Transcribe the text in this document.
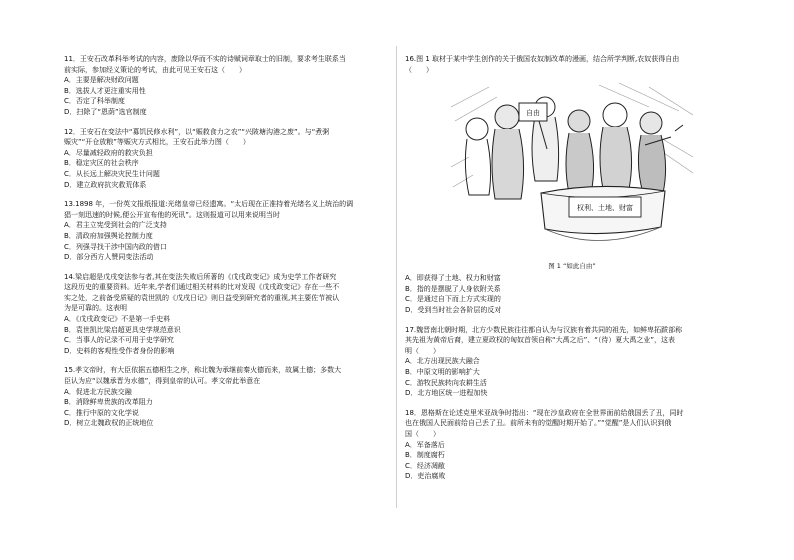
11．王安石改革科举考试的内容，废除以华而不实的诗赋词章取士的旧制，要求考生联系当
前实际，参加经义策论的考试，由此可见王安石这（　　）

A．主要是解决财政问题

B．选拔人才更注重实用性

C．否定了科举制度

D．扫除了“恩荫”选官制度

12．王安石在变法中“募饥民修水利”，以“赈救食力之农”“兴陂塘沟港之废”。与“煮粥
赈灾”“开仓放粮”等赈灾方式相比，王安石此举力图（　　）

A．尽量减轻政府的救灾负担

B．稳定灾区的社会秩序

C．从长远上解决灾民生计问题

D．建立政府抗灾救荒体系

13.1898 年，一份英文报纸报道:光绪皇帝已经遗寓。“太后现在正准持着光绪名义上统治的调
猖一刻迅速的时候,便公开宣布他的死讯”。这则报道可以用来说明当时

A．君主立宪受到社会的广泛支持

B．清政府加强舆论控制力度

C．列强寻找干涉中国内政的借口

D．部分西方人赞同变法活动

14.梁启超是戊戌变法参与者,其在变法失败后所著的《戊戌政变记》成为史学工作者研究
这段历史的重要资料。近年来,学者们通过相关材料的比对发现《戊戌政变记》存在一些不
实之处，之前备受质疑的袁世凯的《戊戌日记》则日益受到研究者的重视,其主要佐节被认
为是可靠的。这表明

A．《戊戌政变记》不是第一手史料

B．袁世凯比梁启超更具史学规范意识

C．当事人的记录不可用于史学研究

D．史料的客观性受作者身份的影响

15.孝文帝时，有大臣依据五德相生之序，称北魏为承继前秦火德而来，故属土德；多数大
臣认为应“以魏承晋为水德”，得到皇帝的认可。孝文帝此举意在

A．促进北方民族交融

B．消除鲜卑贵族的改革阻力

C．推行中原的文化学说

D．树立北魏政权的正统地位

16.图 1 取材于某中学生创作的关于俄国农奴制改革的漫画，结合所学判断,农奴获得自由
（　　）

自由
权利、土地、财富
图 1 “如此自由”

A．即获得了土地、权力和财富

B．指的是摆脱了人身依附关系

C．是通过自下而上方式实现的

D．受到当时社会各阶层的反对

17.魏晋南北朝时期，北方少数民族往往都自认为与汉族有着共同的祖先，如鲜卑拓跋部称
其先祖为黄帝后裔，建立夏政权的匈奴首领自称“大禹之后”、“（待）夏大禹之业”，这表
明（　　）

A．北方出现民族大融合

B．中原文明的影响扩大

C．游牧民族转向农耕生活

D．北方地区统一进程加快

18．恩格斯在论述克里米亚战争时指出：“现在沙皇政府在全世界面前给俄国丢了丑，同时
也在俄国人民面前给自己丢了丑。前所未有的觉醒时期开始了。”“觉醒”是人们认识到俄
国（　　）

A．军备落后

B．制度腐朽

C．经济凋敝

D．吏治腐败
